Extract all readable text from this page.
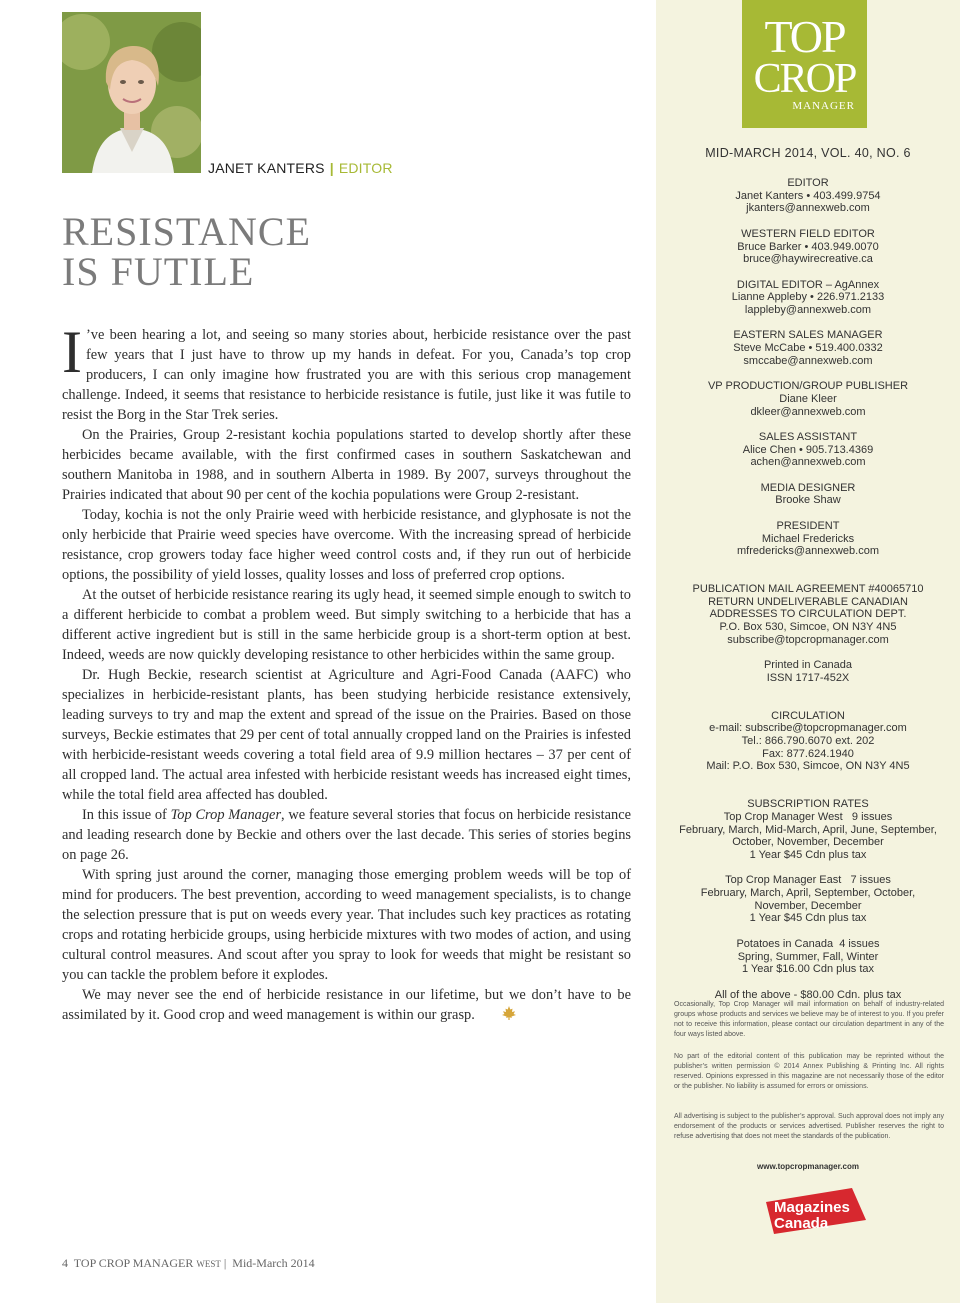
JANET KANTERS | EDITOR
RESISTANCE
IS FUTILE

I ’ve been hearing a lot, and seeing so many stories about, herbicide resistance over the past few years that I just have to throw up my hands in defeat. For you, Canada’s top crop producers, I can only imagine how frustrated you are with this serious crop management challenge. Indeed, it seems that resistance to herbicide resistance is futile, just like it was futile to resist the Borg in the Star Trek series.

On the Prairies, Group 2-resistant kochia populations started to develop shortly after these herbicides became available, with the first confirmed cases in southern Saskatchewan and southern Manitoba in 1988, and in southern Alberta in 1989. By 2007, surveys throughout the Prairies indicated that about 90 per cent of the kochia populations were Group 2-resistant.

Today, kochia is not the only Prairie weed with herbicide resistance, and glyphosate is not the only herbicide that Prairie weed species have overcome. With the increasing spread of herbicide resistance, crop growers today face higher weed control costs and, if they run out of herbicide options, the possibility of yield losses, quality losses and loss of preferred crop options.

At the outset of herbicide resistance rearing its ugly head, it seemed simple enough to switch to a different herbicide to combat a problem weed. But simply switching to a herbicide that has a different active ingredient but is still in the same herbicide group is a short-term option at best. Indeed, weeds are now quickly developing resistance to other herbicides within the same group.

Dr. Hugh Beckie, research scientist at Agriculture and Agri-Food Canada (AAFC) who specializes in herbicide-resistant plants, has been studying herbicide resistance extensively, leading surveys to try and map the extent and spread of the issue on the Prairies. Based on those surveys, Beckie estimates that 29 per cent of total annually cropped land on the Prairies is infested with herbicide-resistant weeds covering a total field area of 9.9 million hectares – 37 per cent of all cropped land. The actual area infested with herbicide resistant weeds has increased eight times, while the total field area affected has doubled.

In this issue of Top Crop Manager, we feature several stories that focus on herbicide resistance and leading research done by Beckie and others over the last decade. This series of stories begins on page 26.

With spring just around the corner, managing those emerging problem weeds will be top of mind for producers. The best prevention, according to weed management specialists, is to change the selection pressure that is put on weeds every year. That includes such key practices as rotating crops and rotating herbicide groups, using herbicide mixtures with two modes of action, and using cultural control measures. And scout after you spray to look for weeds that might be resistant so you can tackle the problem before it explodes.

We may never see the end of herbicide resistance in our lifetime, but we don’t have to be assimilated by it. Good crop and weed management is within our grasp.

4 TOP CROP MANAGER WEST | Mid-March 2014
TOP
CROP
MANAGER
MID-MARCH 2014, VOL. 40, NO. 6
EDITOR
Janet Kanters • 403.499.9754
jkanters@annexweb.com
WESTERN FIELD EDITOR
Bruce Barker • 403.949.0070
bruce@haywirecreative.ca
DIGITAL EDITOR – AgAnnex
Lianne Appleby • 226.971.2133
lappleby@annexweb.com
EASTERN SALES MANAGER
Steve McCabe • 519.400.0332
smccabe@annexweb.com
VP PRODUCTION/GROUP PUBLISHER
Diane Kleer
dkleer@annexweb.com
SALES ASSISTANT
Alice Chen • 905.713.4369
achen@annexweb.com
MEDIA DESIGNER
Brooke Shaw
PRESIDENT
Michael Fredericks
mfredericks@annexweb.com
PUBLICATION MAIL AGREEMENT #40065710
RETURN UNDELIVERABLE CANADIAN
ADDRESSES TO CIRCULATION DEPT.
P.O. Box 530, Simcoe, ON N3Y 4N5
subscribe@topcropmanager.com
Printed in Canada
ISSN 1717-452X
CIRCULATION
e-mail: subscribe@topcropmanager.com
Tel.: 866.790.6070 ext. 202
Fax: 877.624.1940
Mail: P.O. Box 530, Simcoe, ON N3Y 4N5
SUBSCRIPTION RATES
Top Crop Manager West   9 issues
February, March, Mid-March, April, June, September,
October, November, December
1 Year $45 Cdn plus tax
Top Crop Manager East   7 issues
February, March, April, September, October,
November, December
1 Year $45 Cdn plus tax
Potatoes in Canada  4 issues
Spring, Summer, Fall, Winter
1 Year $16.00 Cdn plus tax
All of the above - $80.00 Cdn. plus tax
Occasionally, Top Crop Manager will mail information on behalf of industry-related groups whose products and services we believe may be of interest to you. If you prefer not to receive this information, please contact our circulation department in any of the four ways listed above.
No part of the editorial content of this publication may be reprinted without the publisher’s written permission © 2014 Annex Publishing & Printing Inc. All rights reserved. Opinions expressed in this magazine are not necessarily those of the editor or the publisher. No liability is assumed for errors or omissions.
All advertising is subject to the publisher’s approval. Such approval does not imply any endorsement of the products or services advertised. Publisher reserves the right to refuse advertising that does not meet the standards of the publication.
www.topcropmanager.com
Magazines
Canada
